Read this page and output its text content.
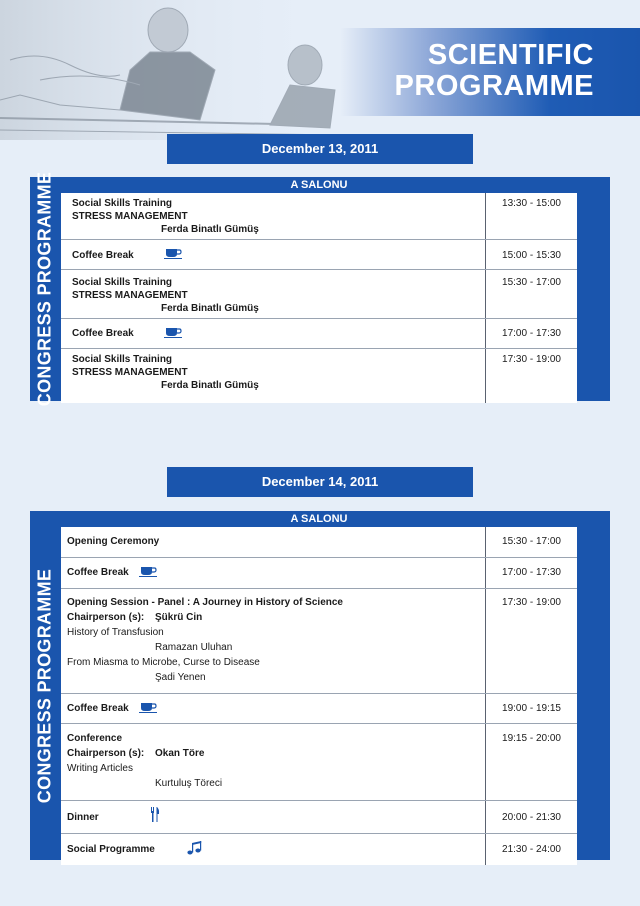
SCIENTIFIC
PROGRAMME
December 13, 2011
CONGRESS PROGRAMME	A SALONU
Social Skills Training
STRESS MANAGEMENT
Ferda Binatlı Gümüş
13:30 - 15:00
Coffee Break	15:00 - 15:30
Social Skills Training
STRESS MANAGEMENT
Ferda Binatlı Gümüş
15:30 - 17:00
Coffee Break	17:00 - 17:30
Social Skills Training
STRESS MANAGEMENT
Ferda Binatlı Gümüş
17:30 - 19:00
December 14, 2011
CONGRESS PROGRAMME
A SALONU
Opening Ceremony	15:30 - 17:00
Coffee Break	17:00 - 17:30
Opening Session - Panel : A Journey in History of Science
Chairperson (s): Şükrü Cin
History of Transfusion
Ramazan Uluhan
From Miasma to Microbe, Curse to Disease
Şadi Yenen
17:30 - 19:00
Coffee Break	19:00 - 19:15
Conference
Chairperson (s): Okan Töre
Writing Articles
Kurtuluş Töreci
19:15 - 20:00
Dinner	20:00 - 21:30
Social Programme	21:30 - 24:00
